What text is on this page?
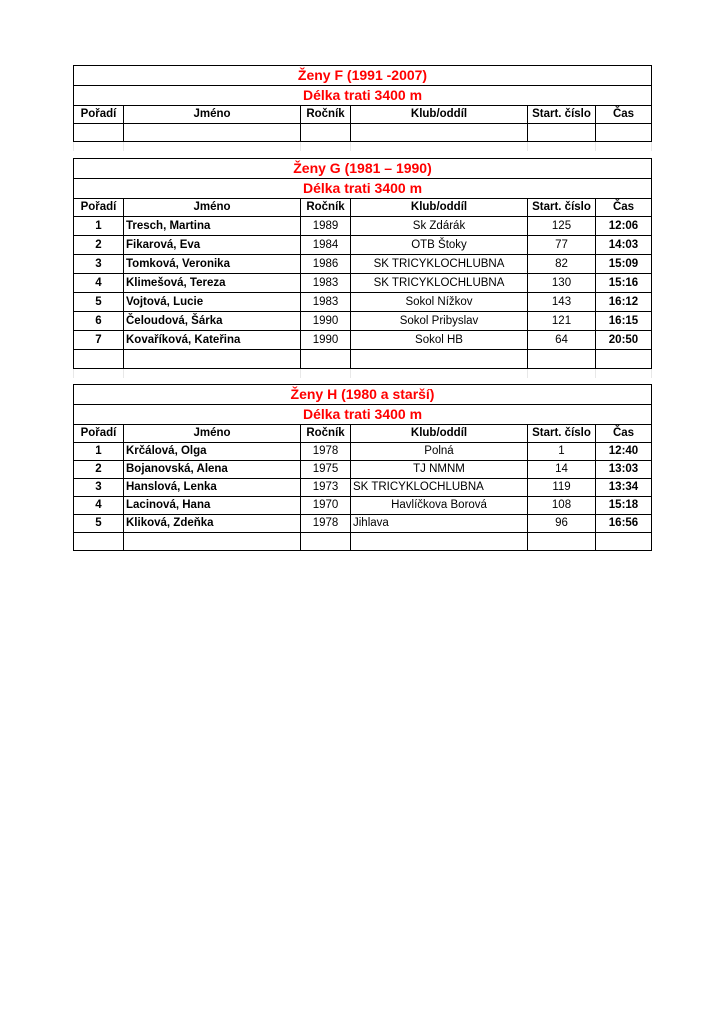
Ženy F (1991 -2007)					
Délka trati 3400 m					
Pořadí	Jméno	Ročník	Klub/oddíl	Start. číslo	Čas

Ženy G (1981 – 1990)					
Délka trati 3400 m					
Pořadí	Jméno	Ročník	Klub/oddíl	Start. číslo	Čas
1	Tresch, Martina	1989	Sk Zdárák	125	12:06
2	Fikarová, Eva	1984	OTB Štoky	77	14:03
3	Tomková, Veronika	1986	SK TRICYKLOCHLUBNA	82	15:09
4	Klimešová, Tereza	1983	SK TRICYKLOCHLUBNA	130	15:16
5	Vojtová, Lucie	1983	Sokol Nížkov	143	16:12
6	Čeloudová, Šárka	1990	Sokol Pribyslav	121	16:15
7	Kovaříková, Kateřina	1990	Sokol HB	64	20:50

Ženy H (1980 a starší)					
Délka trati 3400 m					
Pořadí	Jméno	Ročník	Klub/oddíl	Start. číslo	Čas
1	Krčálová, Olga	1978	Polná	1	12:40
2	Bojanovská, Alena	1975	TJ NMNM	14	13:03
3	Hanslová, Lenka	1973	SK TRICYKLOCHLUBNA	119	13:34
4	Lacinová, Hana	1970	Havlíčkova Borová	108	15:18
5	Kliková, Zdeňka	1978	Jihlava	96	16:56
